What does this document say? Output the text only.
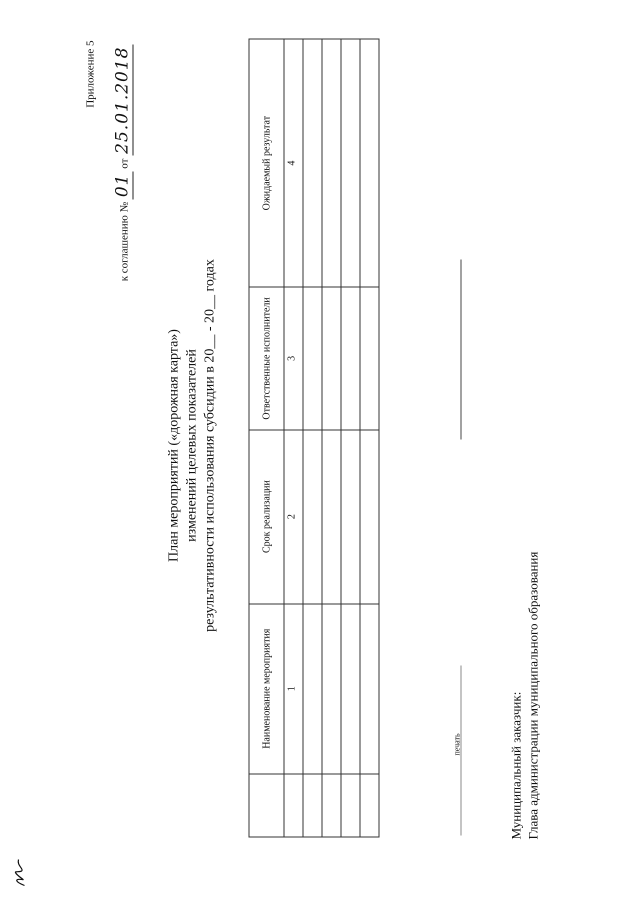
Приложение 5
к соглашению № 01 от 25.01.2018
План мероприятий («дорожная карта») изменений целевых показателей результативности использования субсидии в 20__ - 20__ годах
	Наименование мероприятия	Срок реализации	Ответственные исполнители	Ожидаемый результат
	1	2	3	4

печать	Муниципальный заказчик: Глава администрации муниципального образования
